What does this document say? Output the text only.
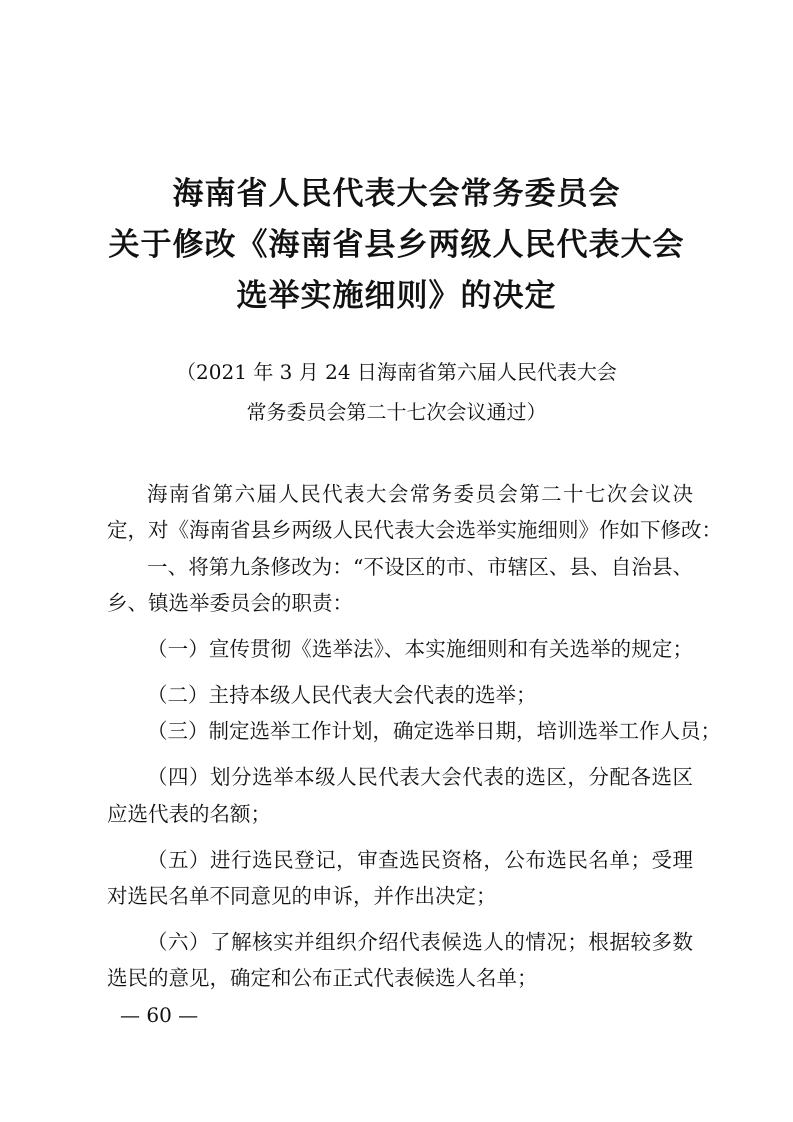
海南省人民代表大会常务委员会
关于修改《海南省县乡两级人民代表大会
选举实施细则》的决定
（2021 年 3 月 24 日海南省第六届人民代表大会
常务委员会第二十七次会议通过）
海南省第六届人民代表大会常务委员会第二十七次会议决
定，对《海南省县乡两级人民代表大会选举实施细则》作如下修改：
一、将第九条修改为：“不设区的市、市辖区、县、自治县、
乡、镇选举委员会的职责：
（一）宣传贯彻《选举法》、本实施细则和有关选举的规定；
（二）主持本级人民代表大会代表的选举；
（三）制定选举工作计划，确定选举日期，培训选举工作人员；
（四）划分选举本级人民代表大会代表的选区，分配各选区
应选代表的名额；
（五）进行选民登记，审查选民资格，公布选民名单；受理
对选民名单不同意见的申诉，并作出决定；
（六）了解核实并组织介绍代表候选人的情况；根据较多数
选民的意见，确定和公布正式代表候选人名单；
— 60 —
